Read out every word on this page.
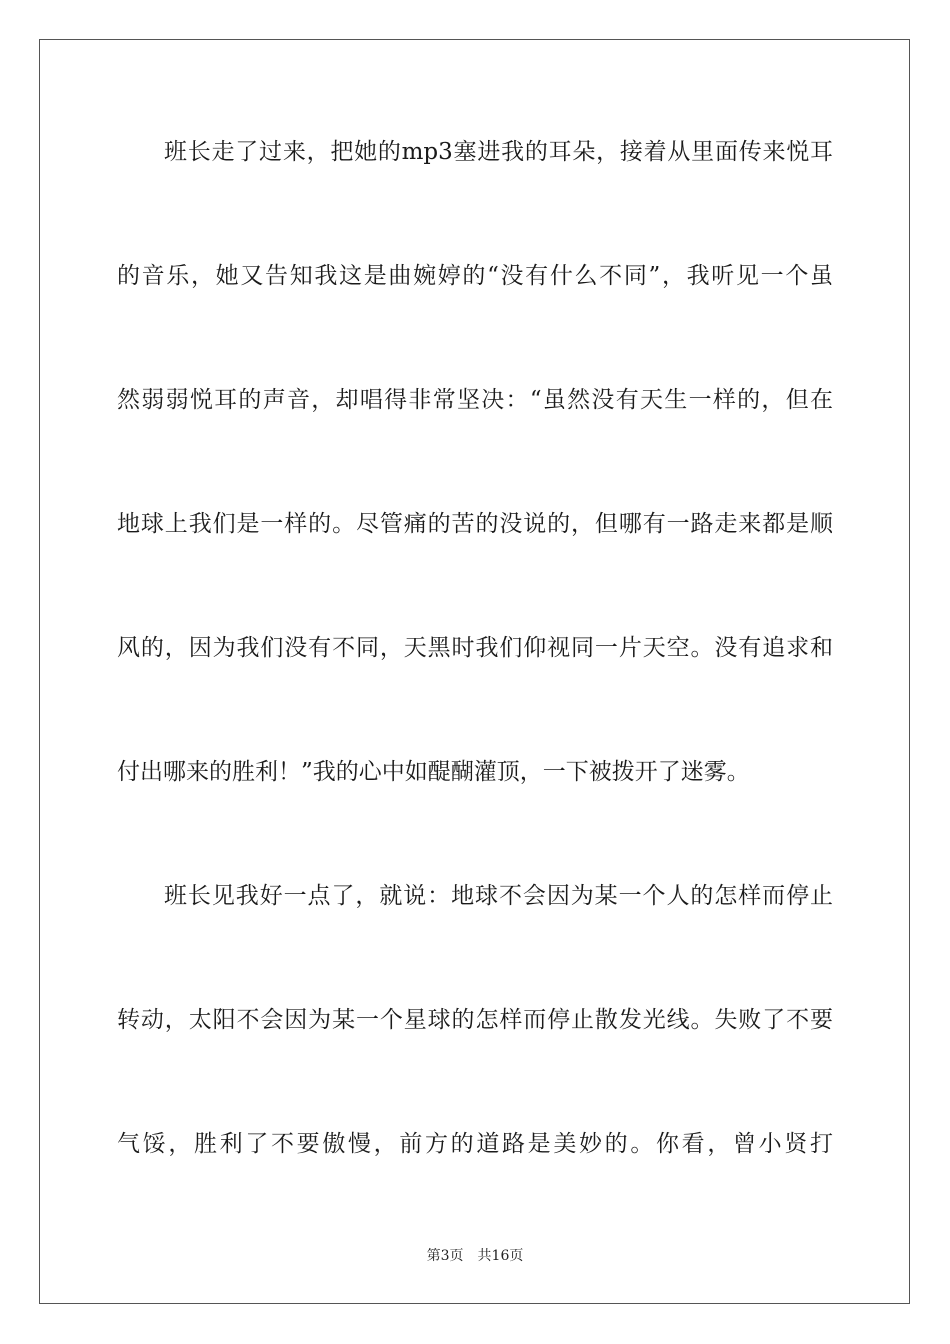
班长走了过来，把她的mp3塞进我的耳朵，接着从里面传来悦耳
的音乐，她又告知我这是曲婉婷的“没有什么不同”，我听见一个虽
然弱弱悦耳的声音，却唱得非常坚决：“虽然没有天生一样的，但在
地球上我们是一样的。尽管痛的苦的没说的，但哪有一路走来都是顺
风的，因为我们没有不同，天黑时我们仰视同一片天空。没有追求和
付出哪来的胜利！”我的心中如醍醐灌顶，一下被拨开了迷雾。
班长见我好一点了，就说：地球不会因为某一个人的怎样而停止
转动，太阳不会因为某一个星球的怎样而停止散发光线。失败了不要
气馁，胜利了不要傲慢，前方的道路是美妙的。你看，曾小贤打
第3页 共16页
